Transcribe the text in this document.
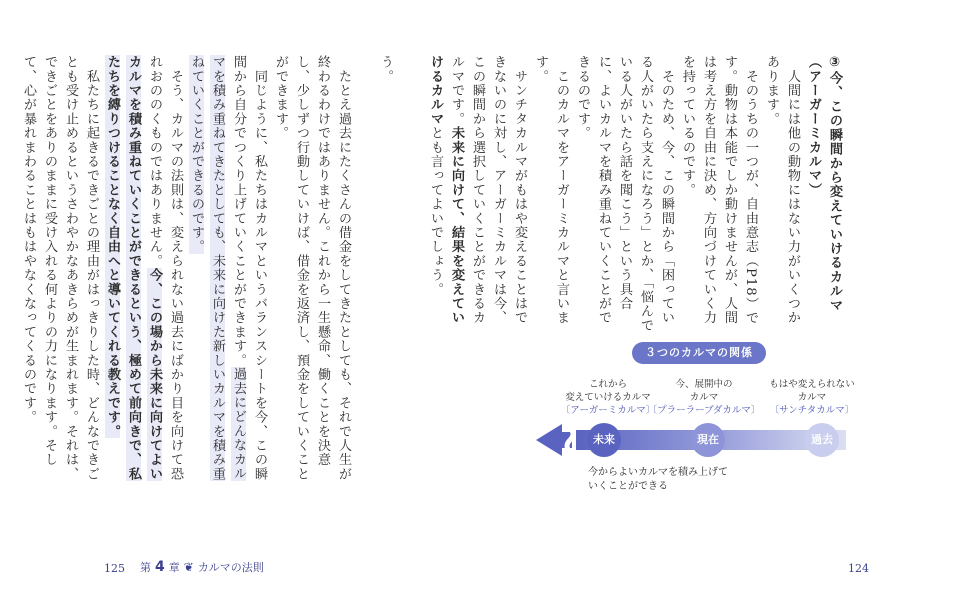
う。

　たとえ過去にたくさんの借金をしてきたとしても、それで人生が終わるわけではありません。これから一生懸命、働くことを決意し、少しずつ行動していけば、借金を返済し、預金をしていくことができます。
　同じように、私たちはカルマというバランスシートを今、この瞬間から自分でつくり上げていくことができます。過去にどんなカルマを積み重ねてきたとしても、未来に向けた新しいカルマを積み重ねていくことができるのです。
　そう、カルマの法則は、変えられない過去にばかり目を向けて恐れおののくものではありません。今、この場から未来に向けてよいカルマを積み重ねていくことができるという、極めて前向きで、私たちを縛りつけることなく自由へと導いてくれる教えです。
　私たちに起きるできごとの理由がはっきりした時、どんなできごとも受け止めるというさわやかなあきらめが生まれます。それは、できごとをありのままに受け入れる何よりの力になります。そして、心が暴れまわることはもはやなくなってくるのです。
125 第 4 章 ❦ カルマの法則
③今、この瞬間から変えていけるカルマ
（アーガーミカルマ）
　人間には他の動物にはない力がいくつかあります。
　そのうちの一つが、自由意志（P18）です。動物は本能でしか動けませんが、人間は考え方を自由に決め、方向づけていく力を持っているのです。
　そのため、今、この瞬間から「困っている人がいたら支えになろう」とか、「悩んでいる人がいたら話を聞こう」という具合に、よいカルマを積み重ねていくことができるのです。
　このカルマをアーガーミカルマと言います。
　サンチタカルマがもはや変えることはできないのに対し、アーガーミカルマは今、この瞬間から選択していくことができるカルマです。未来に向けて、結果を変えていけるカルマとも言ってよいでしょう。
３つのカルマの関係
これから
変えていけるカルマ
〔アーガーミカルマ〕
今、展開中の
カルマ
〔プラーラーブダカルマ〕
もはや変えられない
カルマ
〔サンチタカルマ〕
未来	現在	過去
今からよいカルマを積み上げて
いくことができる
124
